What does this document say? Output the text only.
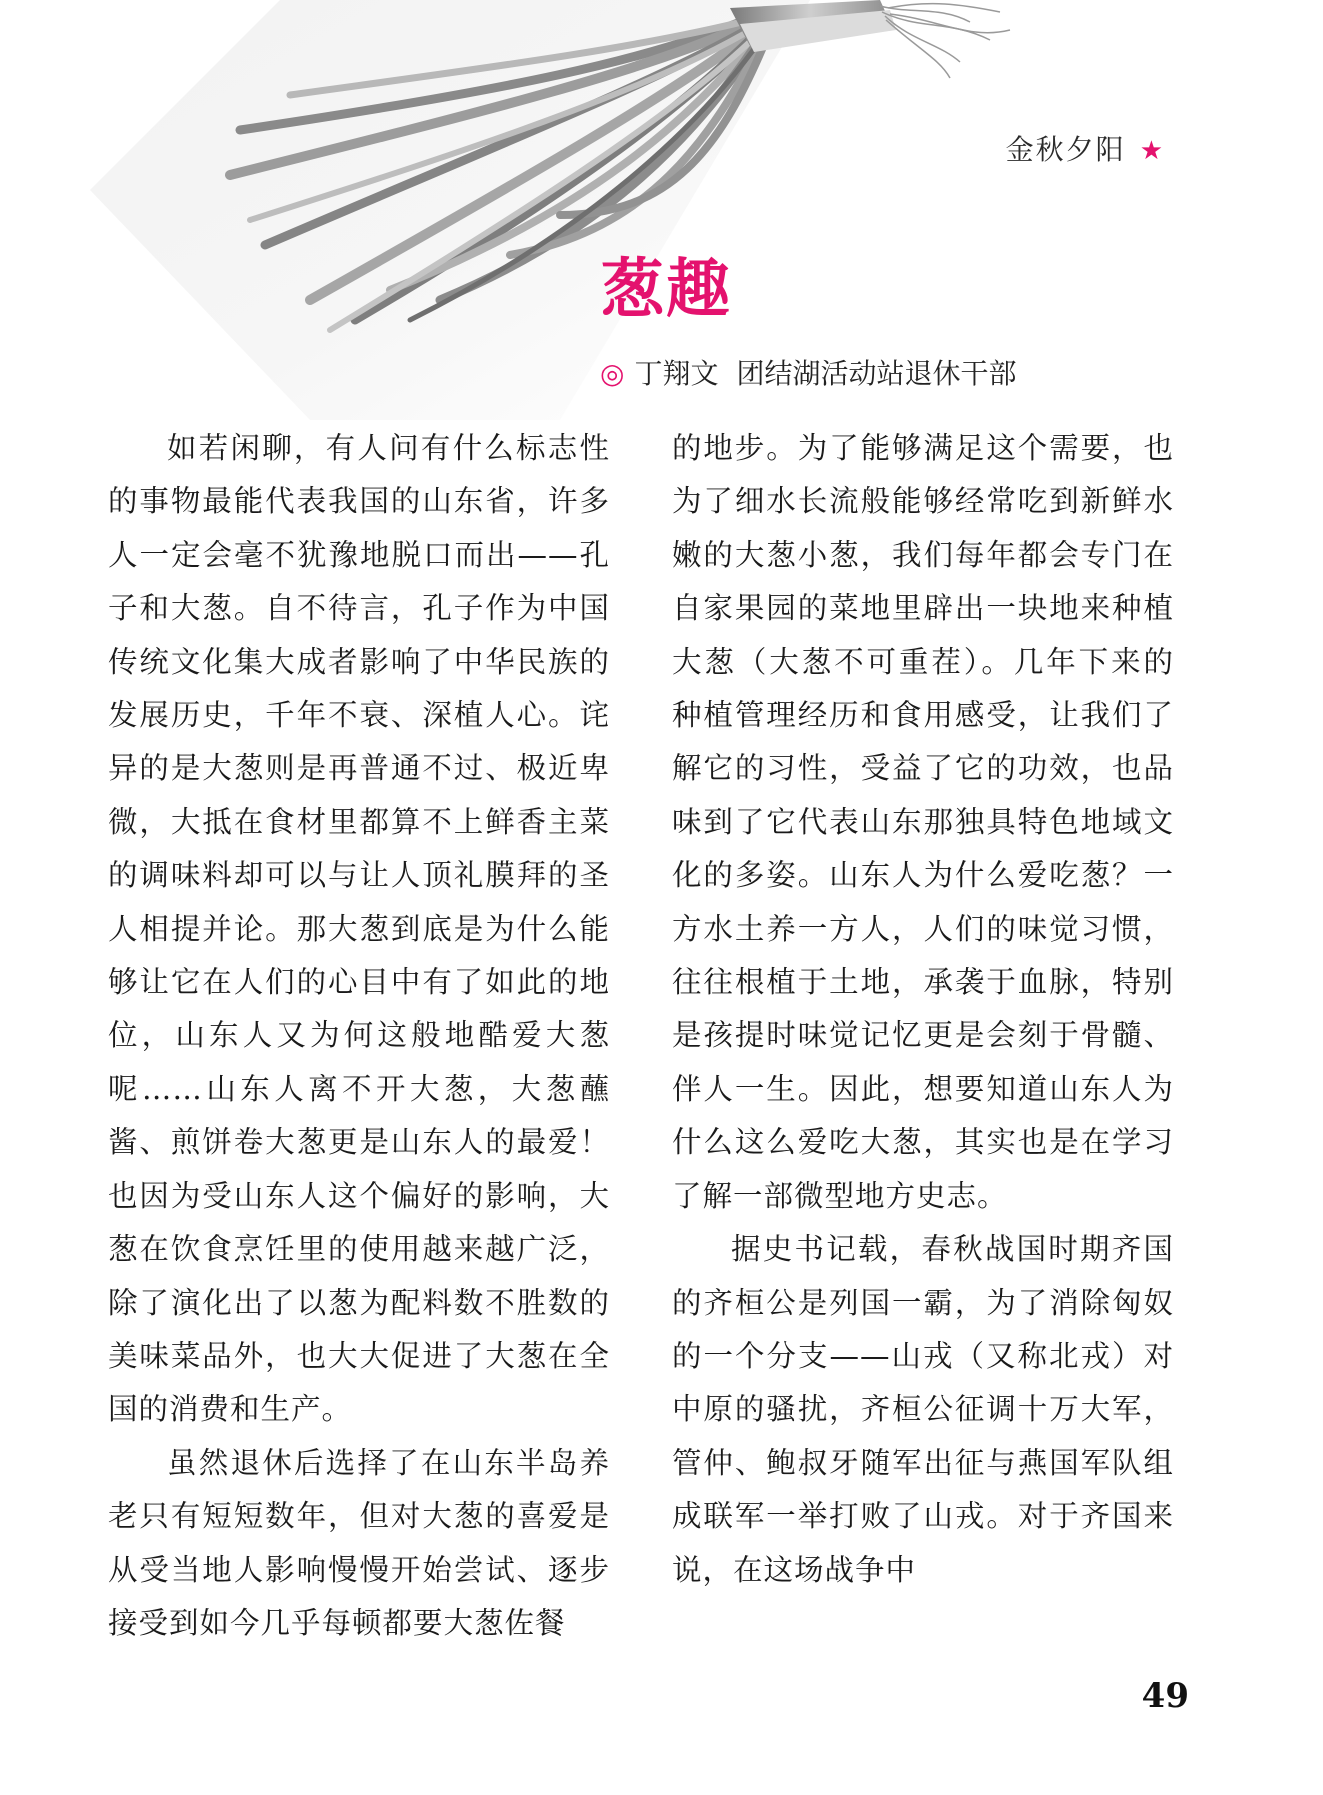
金秋夕阳 ★
葱趣
◎ 丁翔文 团结湖活动站退休干部

如若闲聊，有人问有什么标志性的事物最能代表我国的山东省，许多人一定会毫不犹豫地脱口而出——孔子和大葱。自不待言，孔子作为中国传统文化集大成者影响了中华民族的发展历史，千年不衰、深植人心。诧异的是大葱则是再普通不过、极近卑微，大抵在食材里都算不上鲜香主菜的调味料却可以与让人顶礼膜拜的圣人相提并论。那大葱到底是为什么能够让它在人们的心目中有了如此的地位，山东人又为何这般地酷爱大葱呢……山东人离不开大葱，大葱蘸酱、煎饼卷大葱更是山东人的最爱！也因为受山东人这个偏好的影响，大葱在饮食烹饪里的使用越来越广泛，除了演化出了以葱为配料数不胜数的美味菜品外，也大大促进了大葱在全国的消费和生产。

虽然退休后选择了在山东半岛养老只有短短数年，但对大葱的喜爱是从受当地人影响慢慢开始尝试、逐步接受到如今几乎每顿都要大葱佐餐

的地步。为了能够满足这个需要，也为了细水长流般能够经常吃到新鲜水嫩的大葱小葱，我们每年都会专门在自家果园的菜地里辟出一块地来种植大葱（大葱不可重茬）。几年下来的种植管理经历和食用感受，让我们了解它的习性，受益了它的功效，也品味到了它代表山东那独具特色地域文化的多姿。山东人为什么爱吃葱？一方水土养一方人，人们的味觉习惯，往往根植于土地，承袭于血脉，特别是孩提时味觉记忆更是会刻于骨髓、伴人一生。因此，想要知道山东人为什么这么爱吃大葱，其实也是在学习了解一部微型地方史志。

据史书记载，春秋战国时期齐国的齐桓公是列国一霸，为了消除匈奴的一个分支——山戎（又称北戎）对中原的骚扰，齐桓公征调十万大军，管仲、鲍叔牙随军出征与燕国军队组成联军一举打败了山戎。对于齐国来说，在这场战争中

49
